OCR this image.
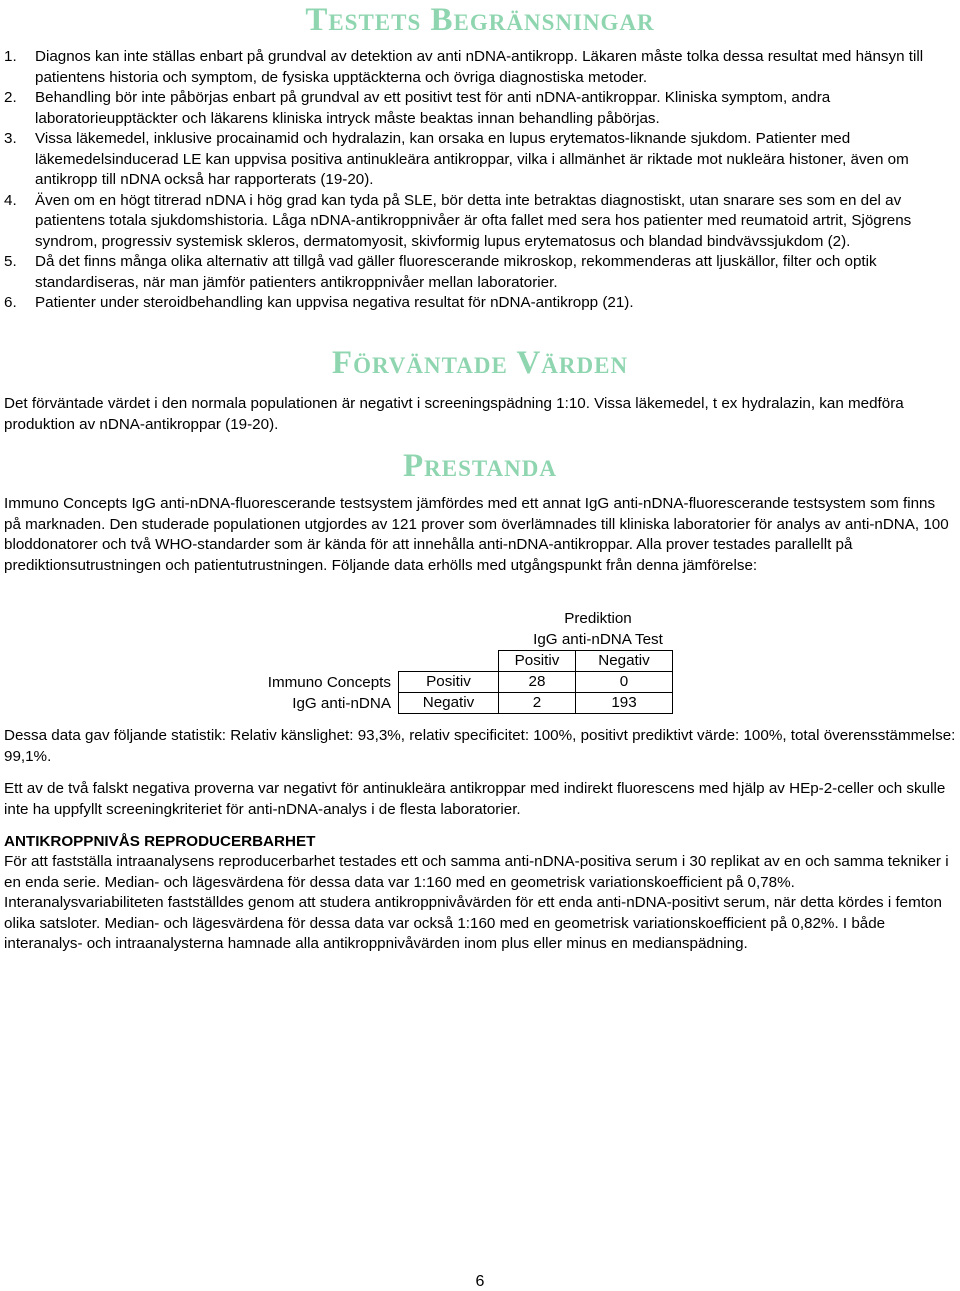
Testets Begränsningar
1. Diagnos kan inte ställas enbart på grundval av detektion av anti nDNA-antikropp. Läkaren måste tolka dessa resultat med hänsyn till patientens historia och symptom, de fysiska upptäckterna och övriga diagnostiska metoder.
2. Behandling bör inte påbörjas enbart på grundval av ett positivt test för anti nDNA-antikroppar. Kliniska symptom, andra laboratorieupptäckter och läkarens kliniska intryck måste beaktas innan behandling påbörjas.
3. Vissa läkemedel, inklusive procainamid och hydralazin, kan orsaka en lupus erytematos-liknande sjukdom. Patienter med läkemedelsinducerad LE kan uppvisa positiva antinukleära antikroppar, vilka i allmänhet är riktade mot nukleära histoner, även om antikropp till nDNA också har rapporterats (19-20).
4. Även om en högt titrerad nDNA i hög grad kan tyda på SLE, bör detta inte betraktas diagnostiskt, utan snarare ses som en del av patientens totala sjukdomshistoria. Låga nDNA-antikroppnivåer är ofta fallet med sera hos patienter med reumatoid artrit, Sjögrens syndrom, progressiv systemisk skleros, dermatomyosit, skivformig lupus erytematosus och blandad bindvävssjukdom (2).
5. Då det finns många olika alternativ att tillgå vad gäller fluorescerande mikroskop, rekommenderas att ljuskällor, filter och optik standardiseras, när man jämför patienters antikroppnivåer mellan laboratorier.
6. Patienter under steroidbehandling kan uppvisa negativa resultat för nDNA-antikropp (21).
Förväntade Värden

Det förväntade värdet i den normala populationen är negativt i screeningspädning 1:10. Vissa läkemedel, t ex hydralazin, kan medföra produktion av nDNA-antikroppar (19-20).

Prestanda

Immuno Concepts IgG anti-nDNA-fluorescerande testsystem jämfördes med ett annat IgG anti-nDNA-fluorescerande testsystem som finns på marknaden. Den studerade populationen utgjordes av 121 prover som överlämnades till kliniska laboratorier för analys av anti-nDNA, 100 bloddonatorer och två WHO-standarder som är kända för att innehålla anti-nDNA-antikroppar. Alla prover testades parallellt på prediktionsutrustningen och patientutrustningen. Följande data erhölls med utgångspunkt från denna jämförelse:

Prediktion
IgG anti-nDNA Test
Positiv	Negativ
Immuno Concepts
IgG anti-nDNA
Positiv	28	0
Negativ	2	193

Dessa data gav följande statistik: Relativ känslighet: 93,3%, relativ specificitet: 100%, positivt prediktivt värde: 100%, total överensstämmelse: 99,1%.

Ett av de två falskt negativa proverna var negativt för antinukleära antikroppar med indirekt fluorescens med hjälp av HEp-2-celler och skulle inte ha uppfyllt screeningkriteriet för anti-nDNA-analys i de flesta laboratorier.

ANTIKROPPNIVÅS REPRODUCERBARHET

För att fastställa intraanalysens reproducerbarhet testades ett och samma anti-nDNA-positiva serum i 30 replikat av en och samma tekniker i en enda serie. Median- och lägesvärdena för dessa data var 1:160 med en geometrisk variationskoefficient på 0,78%. Interanalysvariabiliteten fastställdes genom att studera antikroppnivåvärden för ett enda anti-nDNA-positivt serum, när detta kördes i femton olika satsloter. Median- och lägesvärdena för dessa data var också 1:160 med en geometrisk variationskoefficient på 0,82%. I både interanalys- och intraanalysterna hamnade alla antikroppnivåvärden inom plus eller minus en medianspädning.

6
